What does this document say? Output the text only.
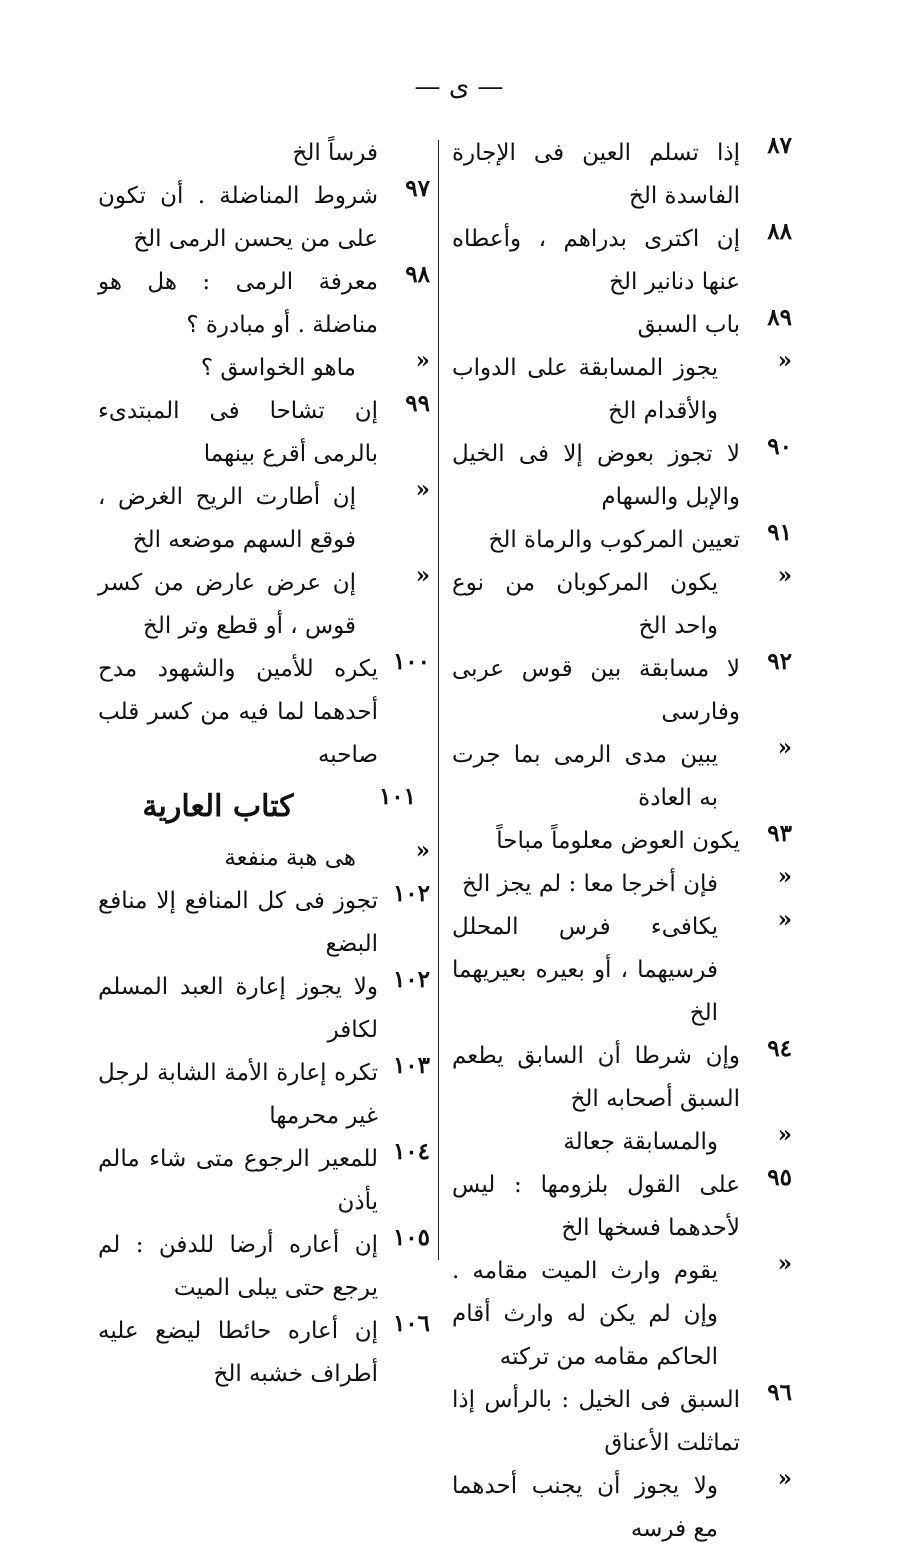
— ى —
٨٧
إذا تسلم العين فى الإجارة الفاسدة الخ
٨٨
إن اكترى بدراهم ، وأعطاه عنها دنانير الخ
٨٩
باب السبق
«
يجوز المسابقة على الدواب والأقدام الخ
٩٠
لا تجوز بعوض إلا فى الخيل والإبل والسهام
٩١
تعيين المركوب والرماة الخ
«
يكون المركوبان من نوع واحد الخ
٩٢
لا مسابقة بين قوس عربى وفارسى
«
يبين مدى الرمى بما جرت به العادة
٩٣
يكون العوض معلوماً مباحاً
«
فإن أخرجا معا : لم يجز الخ
«
يكافىء فرس المحلل فرسيهما ، أو بعيره بعيريهما الخ
٩٤
وإن شرطا أن السابق يطعم السبق أصحابه الخ
«
والمسابقة جعالة
٩٥
على القول بلزومها : ليس لأحدهما فسخها الخ
«
يقوم وارث الميت مقامه . وإن لم يكن له وارث أقام الحاكم مقامه من تركته
٩٦
السبق فى الخيل : بالرأس إذا تماثلت الأعناق
«
ولا يجوز أن يجنب أحدهما مع فرسه
فرساً الخ
٩٧
شروط المناضلة . أن تكون على من يحسن الرمى الخ
٩٨
معرفة الرمى : هل هو مناضلة . أو مبادرة ؟
«
ماهو الخواسق ؟
٩٩
إن تشاحا فى المبتدىء بالرمى أقرع بينهما
«
إن أطارت الريح الغرض ، فوقع السهم موضعه الخ
«
إن عرض عارض من كسر قوس ، أو قطع وتر الخ
١٠٠
يكره للأمين والشهود مدح أحدهما لما فيه من كسر قلب صاحبه
١٠١
كتاب العارية
«
هى هبة منفعة
١٠٢
تجوز فى كل المنافع إلا منافع البضع
١٠٢
ولا يجوز إعارة العبد المسلم لكافر
١٠٣
تكره إعارة الأمة الشابة لرجل غير محرمها
١٠٤
للمعير الرجوع متى شاء مالم يأذن
١٠٥
إن أعاره أرضا للدفن : لم يرجع حتى يبلى الميت
١٠٦
إن أعاره حائطا ليضع عليه أطراف خشبه الخ
